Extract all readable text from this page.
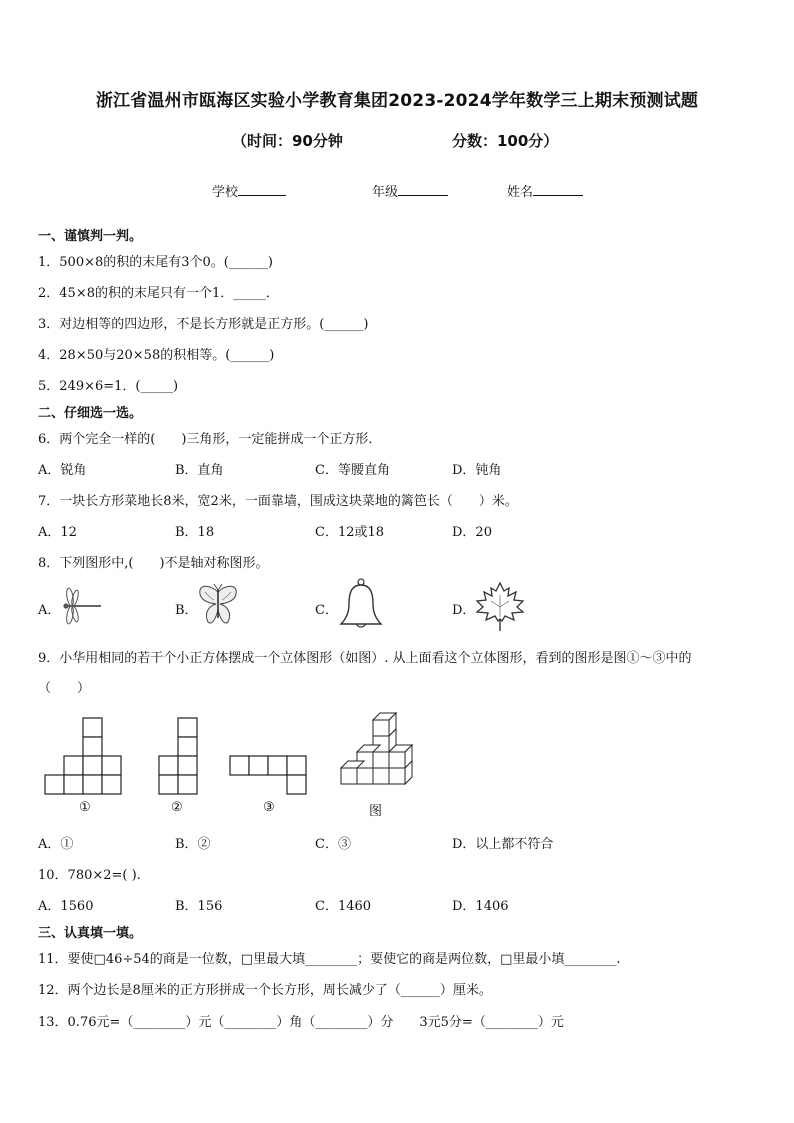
浙江省温州市瓯海区实验小学教育集团2023-2024学年数学三上期末预测试题
（时间：90分钟	分数：100分）
学校	年级	姓名
一、谨慎判一判。
1．500×8的积的末尾有3个0。(______)
2．45×8的积的末尾只有一个1．_____．
3．对边相等的四边形，不是长方形就是正方形。(______)
4．28×50与20×58的积相等。(______)
5．249×6=1．(_____)
二、仔细选一选。
6．两个完全一样的(　　)三角形，一定能拼成一个正方形．
A．锐角	B．直角	C．等腰直角	D．钝角
7．一块长方形菜地长8米，宽2米，一面靠墙，围成这块菜地的篱笆长（　　）米。
A．12	B．18	C．12或18	D．20
8．下列图形中,(　　)不是轴对称图形。
A．	B．	C．	D．
9．小华用相同的若干个小正方体摆成一个立体图形（如图）. 从上面看这个立体图形，看到的图形是图①～③中的
（　　）
①	②	③	图
A．①	B．②	C．③	D．以上都不符合
10．780×2=( ).
A．1560	B．156	C．1460	D．1406
三、认真填一填。
11．要使□46÷54的商是一位数，□里最大填________；要使它的商是两位数，□里最小填________.
12．两个边长是8厘米的正方形拼成一个长方形，周长减少了（______）厘米。
13．0.76元=（________）元（________）角（________）分　　3元5分=（________）元
